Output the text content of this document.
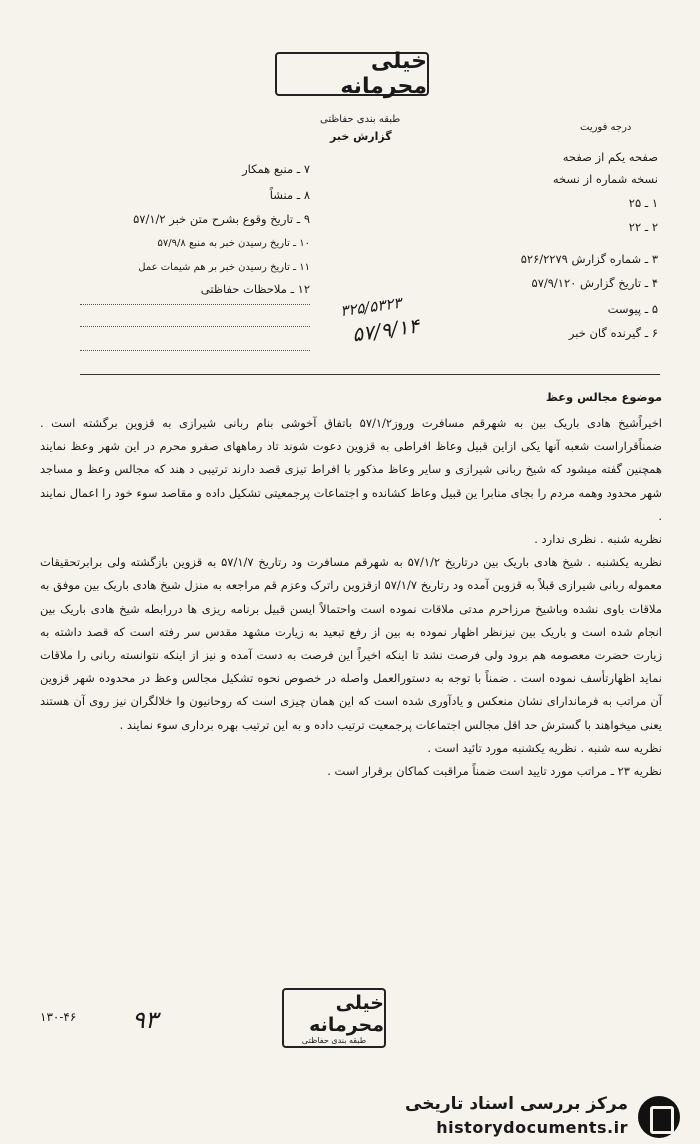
خیلی محرمانه
طبقه بندی حفاظتی
گزارش خبر
درجه فوریت
صفحه یکم از صفحه
نسخه شماره از نسخه
۱ ـ ۲۵
۲ ـ ۲۲
۳ ـ شماره گزارش ۵۲۶/۲۲۷۹
۴ ـ تاریخ گزارش ۵۷/۹/۱۲۰
۵ ـ پیوست
۶ ـ گیرنده گان خبر
۷ ـ منبع همکار
۸ ـ منشاً
۹ ـ تاریخ وقوع بشرح متن خبر ۵۷/۱/۲
۱۰ ـ تاریخ رسیدن خبر به منبع ۵۷/۹/۸
۱۱ ـ تاریخ رسیدن خبر بر هم شیمات عمل
۱۲ ـ ملاحظات حفاظتی
۳۲۵/۵۳۲۳
۵۷/۹/۱۴
موضوع مجالس وعظ

اخیراًشیخ هادی باریک بین به شهرقم مسافرت وروز۵۷/۱/۲ باتفاق آخوشی بنام ربانی شیرازی به قزوین برگشته است . ضمناًقراراست شعبه آنها یکی ازاین قبیل وعاظ افراطی به قزوین دعوت شوند تاد رماههای صفرو محرم در این شهر وعظ نمایند همچنین گفته میشود که شیخ ربانی شیرازی و سایر وعاظ مذکور با افراط تیزی قصد دارند ترتیبی د هند که مجالس وعظ و مساجد شهر محدود وهمه مردم را بجای منابرا ین قبیل وعاظ کشانده و اجتماعات پرجمعیتی تشکیل داده و مقاصد سوء خود را اعمال نمایند .

نظریه شنبه . نظری ندارد .

نظریه یکشنبه . شیخ هادی باریک بین درتاریخ ۵۷/۱/۲ به شهرقم مسافرت ود رتاریخ ۵۷/۱/۷ به قزوین بازگشته ولی برابرتحقیقات معموله ربانی شیرازی قبلاً به قزوین آمده ود رتاریخ ۵۷/۱/۷ ازقزوین راترک وعزم قم مراجعه به منزل شیخ هادی باریک بین موفق به ملاقات باوی نشده وباشیخ مرزاحرم مدتی ملاقات نموده است واحتمالاً ایسن قبیل برنامه ریزی ها دررابطه شیخ هادی باریک بین انجام شده است و باریک بین نیزنظر اظهار نموده به بین از رفع تبعید به زیارت مشهد مقدس سر رفته است که قصد داشته به زیارت حضرت معصومه هم برود ولی فرصت نشد تا اینکه اخیراً این فرصت به دست آمده و نیز از اینکه نتوانسته ربانی را ملاقات نماید اظهارتأسف نموده است . ضمناً با توجه به دستورالعمل واصله در خصوص نحوه تشکیل مجالس وعظ در محدوده شهر قزوین آن مراتب به فرماندارای نشان منعکس و یادآوری شده است که این همان چیزی است که روحانیون وا خلالگران نیز روی آن هستند یعنی میخواهند با گسترش حد اقل مجالس اجتماعات پرجمعیت ترتیب داده و به این ترتیب بهره برداری سوء نمایند .

نظریه سه شنبه . نظریه یکشنبه مورد تائید است .

نظریه ۲۳ ـ مراتب مورد تایید است ضمناً مراقبت کماکان برقرار است .

۹۳
۱۳۰-۴۶
خیلی محرمانه
طبقه بندی حفاظتی
مرکز بررسی اسناد تاریخی
historydocuments.ir
